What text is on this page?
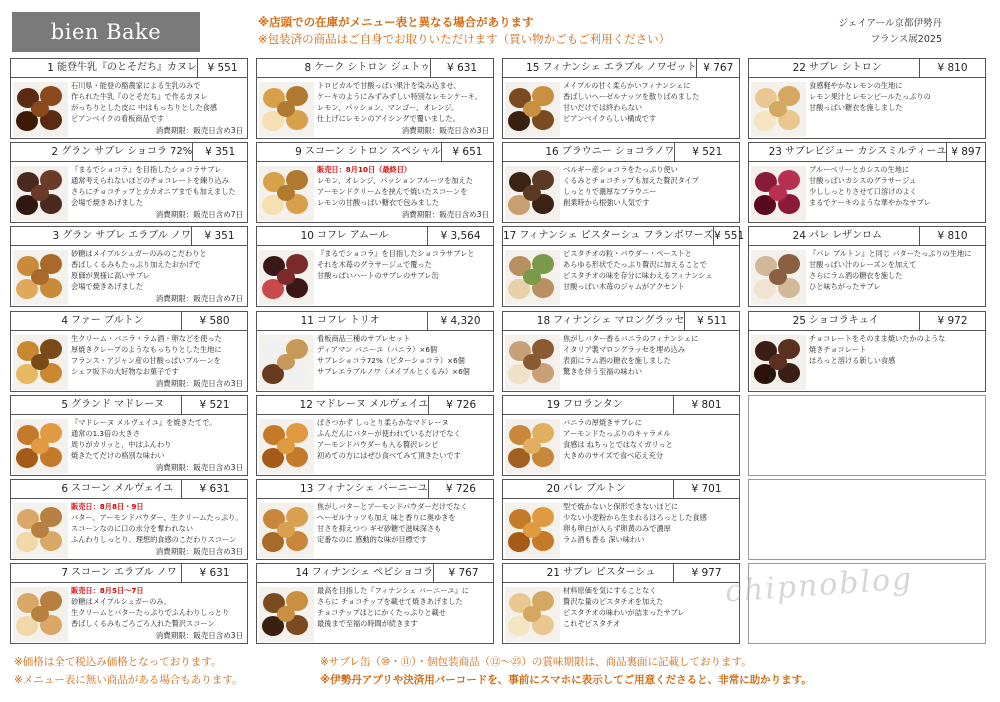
bien Bake	※店頭での在庫がメニュー表と異なる場合があります
※包装済の商品はご自身でお取りいただけます（買い物かごもご利用ください）
ジェイアール京都伊勢丹
フランス展2025
1 能登牛乳『のとそだち』カヌレ ¥ 551
石川県・能登の酪農家による生乳のみで
作られた牛乳『のとそだち』で作るカヌレ
がっちりとした皮に 中はもっちりとした食感
ビアンベイクの看板商品です
消費期限：販売日含め3日
2 グラン サブレ ショコラ 72%	¥ 351
『まるでショコラ』を目指したショコラサブレ
通常考えられないほどのチョコレートを練り込み
さらにチョコチップとカカオニブまでも加えました
会場で焼きあげました
消費期限：販売日含め7日
3 グラン サブレ エラブル ノワ	¥ 351
砂糖はメイプルシュガーのみのこだわりと
香ばしくるみもたっぷり加えたおかげで
原価が異様に高いサブレ
会場で焼きあげました
消費期限：販売日含め7日
4 ファー ブルトン	¥ 580
生クリーム・バニラ・ラム酒・卵などを使った
厚焼きクレープのようなもっちりとした生地に
フランス・アジャン産の甘酸っぱいプルーンを
シェフ坂下の大好物なお菓子です
消費期限：販売日含め3日
5 グランド マドレーヌ	¥ 521
『マドレーヌ メルヴェイユ』を焼きたてで。
通常の1.3倍の大きさ
周りがカリッと、中はふんわり
焼きたてだけの格別な味わい
消費期限：販売日含め3日
6 スコーン メルヴェイユ	¥ 631
販売日：8月8日・9日
バター、アーモンドパウダー、生クリームたっぷり。
スコーンなのに口の水分を奪われない
ふんわりしっとり、理想的食感のこだわりスコーン
消費期限：販売日含め3日
7 スコーン エラブル ノワ	¥ 631
販売日：8月5日〜7日
砂糖はメイプルシュガーのみ。
生クリームとバターたっぷりでふんわりしっとり
香ばしくるみもごろごろ入れた贅沢スコーン
消費期限：販売日含め3日
8 ケーク シトロン ジュトゥ	¥ 631
トロピカルで甘酸っぱい果汁を染み込ませ、
ケーキのようにみずみずしい特別なレモンケーキ。
レモン、パッション、マンゴー、オレンジ。
仕上げにレモンのアイシングで覆いました。
消費期限：販売日含め3日
9 スコーン シトロン スペシャル	¥ 651
販売日：8月10日（最終日）
レモン、オレンジ、パッションフルーツを加えた
アーモンドクリームを挟んで焼いたスコーンを
レモンの甘酸っぱい糖衣で包みました
消費期限：販売日含め3日
10 コフレ アムール	¥ 3,564
『まるでショコラ』を目指したショコラサブレと
それを木苺のグラサージュで覆った
甘酸っぱいハートのサブレのサブレ缶
11 コフレ トリオ	¥ 4,320
看板商品三種のサブレセット
ディアマン バニーユ（バニラ）×6個
サブレショコラ72%（ビターショコラ）×6個
サブレエラブルノワ（メイプルとくるみ）×6個
12 マドレーヌ メルヴェイユ	¥ 726
ぱさつかず しっとり柔らかなマドレーヌ
ふんだんにバターが使われているだけでなく
アーモンドパウダーも入る贅沢レシピ
初めての方にはぜひ食べてみて頂きたいです
13 フィナンシェ バーニーユ	¥ 726
焦がしバターとアーモンドパウダーだけでなく
ヘーゼルナッツも加え 味と香りに奥ゆきを
甘さを抑えつつ ギゼ砂糖で滋味深さも
定番なのに 感動的な味が目標です
14 フィナンシェ ペピショコラ	¥ 767
最高を目指した『フィナンシェ バーニーユ』に
さらに チョコチップを載せて焼きあげました
チョコチップはとにかくたっぷりと載せ
最後まで至福の時間が続きます
15 フィナンシェ エラブル ノワゼット ¥ 767
メイプルの甘く柔らかいフィナンシェに
香ばしいヘーゼルナッツを散りばめました
甘いだけでは終わらない
ビアンベイクらしい構成です
16 ブラウニー ショコラノワ	¥ 521
ベルギー産ショコラをたっぷり使い
くるみとチョコチップも加えた贅沢タイプ
しっとりで濃厚なブラウニー
創業時から根強い人気です
17 フィナンシェ ピスターシュ フランボワーズ ¥ 551
ピスタチオの粒・パウダー・ペーストと
あらゆる形状でたっぷり贅沢に加えることで
ピスタチオの味を存分に味わえるフィナンシェ
甘酸っぱい木苺のジャムがアクセント
18 フィナンシェ マロングラッセ	¥ 511
焦がしバター香るバニラのフィナンシェに
イタリア製マロングラッセを埋め込み
表面にラム酒の糖衣を施しました
驚きを伴う至福の味わい
19 フロランタン	¥ 801
バニラの厚焼きサブレに
アーモンドたっぷりのキャラメル
食感は ねちっとではなくガリっと
大きめのサイズで食べ応え充分
20 パレ ブルトン	¥ 701
型で焼かないと保形できないほどに
少ない小麦粉から生まれるほろっとした食感
卵も卵白が入らず卵黄のみで濃厚
ラム酒も香る 深い味わい
21 サブレ ピスターシュ	¥ 977
材料原価を気にすることなく
贅沢な量のピスタチオを加えた
ピスタチオの味わいが詰まったサブレ
これぞピスタチオ
22 サブレ シトロン	¥ 810
食感軽やかなレモンの生地に
レモン果汁とレモンピールたっぷりの
甘酸っぱい糖衣を施しました
23 サブレビジュー カシスミルティーユ ¥ 897
ブルーベリーとカシスの生地に
甘酸っぱいカシスのグラサージュ
少ししっとりさせて口溶けのよく
まるでケーキのような華やかなサブレ
24 パレ レザンロム	¥ 810
『パレ ブルトン』と同じ バターたっぷりの生地に
甘酸っぱい汁のレーズンを加えて
さらにラム酒の糖衣を施した
ひと味ちがったサブレ
25 ショコラキュイ	¥ 972
チョコレートをそのまま焼いたかのような
焼きチョコレート
ほろっと溶ける新しい食感
※価格は全て税込み価格となっております。
※メニュー表に無い商品がある場合もあります。
※サブレ缶（⑩・⑪）・個包装商品（⑫〜㉕）の賞味期限は、商品裏面に記載しております。
※伊勢丹アプリや決済用バーコードを、事前にスマホに表示してご用意くださると、非常に助かります。
chipnoblog
